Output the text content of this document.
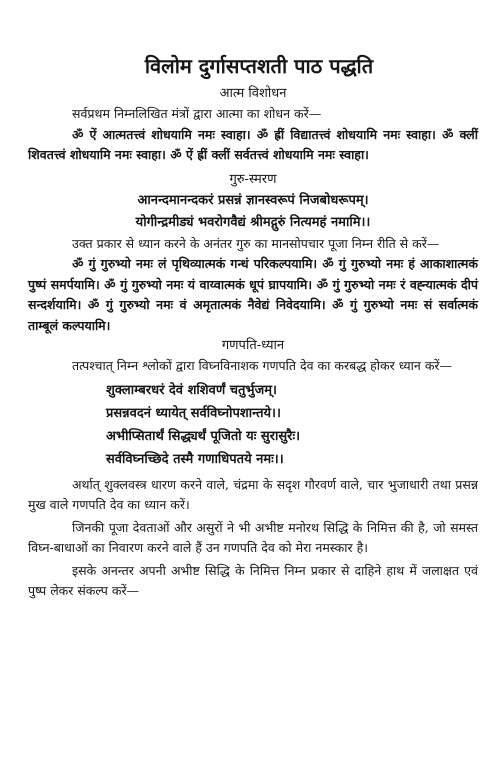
विलोम दुर्गासप्तशती पाठ पद्धति

आत्म विशोधन

सर्वप्रथम निम्नलिखित मंत्रों द्वारा आत्मा का शोधन करें—

ॐ ऐं आत्मतत्त्वं शोधयामि नमः स्वाहा। ॐ ह्रीं विद्यातत्त्वं शोधयामि नमः स्वाहा। ॐ क्लीं शिवतत्त्वं शोधयामि नमः स्वाहा। ॐ ऐं ह्रीं क्लीं सर्वतत्त्वं शोधयामि नमः स्वाहा।

गुरु-स्मरण

आनन्दमानन्दकरं प्रसन्नं ज्ञानस्वरूपं निजबोधरूपम्।

योगीन्द्रमीड्यं भवरोगवैद्यं श्रीमद्गुरुं नित्यमहं नमामि।।

उक्त प्रकार से ध्यान करने के अनंतर गुरु का मानसोपचार पूजा निम्न रीति से करें—

ॐ गुं गुरुभ्यो नमः लं पृथिव्यात्मकं गन्धं परिकल्पयामि। ॐ गुं गुरुभ्यो नमः हं आकाशात्मकं पुष्पं समर्पयामि। ॐ गुं गुरुभ्यो नमः यं वाय्वात्मकं धूपं घ्रापयामि। ॐ गुं गुरुभ्यो नमः रं वह्न्यात्मकं दीपं सन्दर्शयामि। ॐ गुं गुरुभ्यो नमः वं अमृतात्मकं नैवेद्यं निवेदयामि। ॐ गुं गुरुभ्यो नमः सं सर्वात्मकं ताम्बूलं कल्पयामि।

गणपति-ध्यान

तत्पश्चात् निम्न श्लोकों द्वारा विघ्नविनाशक गणपति देव का करबद्ध होकर ध्यान करें—

शुक्लाम्बरधरं देवं शशिवर्णं चतुर्भुजम्।

प्रसन्नवदनं ध्यायेत् सर्वविघ्नोपशान्तये।।

अभीप्सितार्थं सिद्ध्यर्थं पूजितो यः सुरासुरैः।

सर्वविघ्नच्छिदे तस्मै गणाधिपतये नमः।।

अर्थात् शुक्लवस्त्र धारण करने वाले, चंद्रमा के सदृश गौरवर्ण वाले, चार भुजाधारी तथा प्रसन्न मुख वाले गणपति देव का ध्यान करें।

जिनकी पूजा देवताओं और असुरों ने भी अभीष्ट मनोरथ सिद्धि के निमित्त की है, जो समस्त विघ्न-बाधाओं का निवारण करने वाले हैं उन गणपति देव को मेरा नमस्कार है।

इसके अनन्तर अपनी अभीष्ट सिद्धि के निमित्त निम्न प्रकार से दाहिने हाथ में जलाक्षत एवं पुष्प लेकर संकल्प करें—
